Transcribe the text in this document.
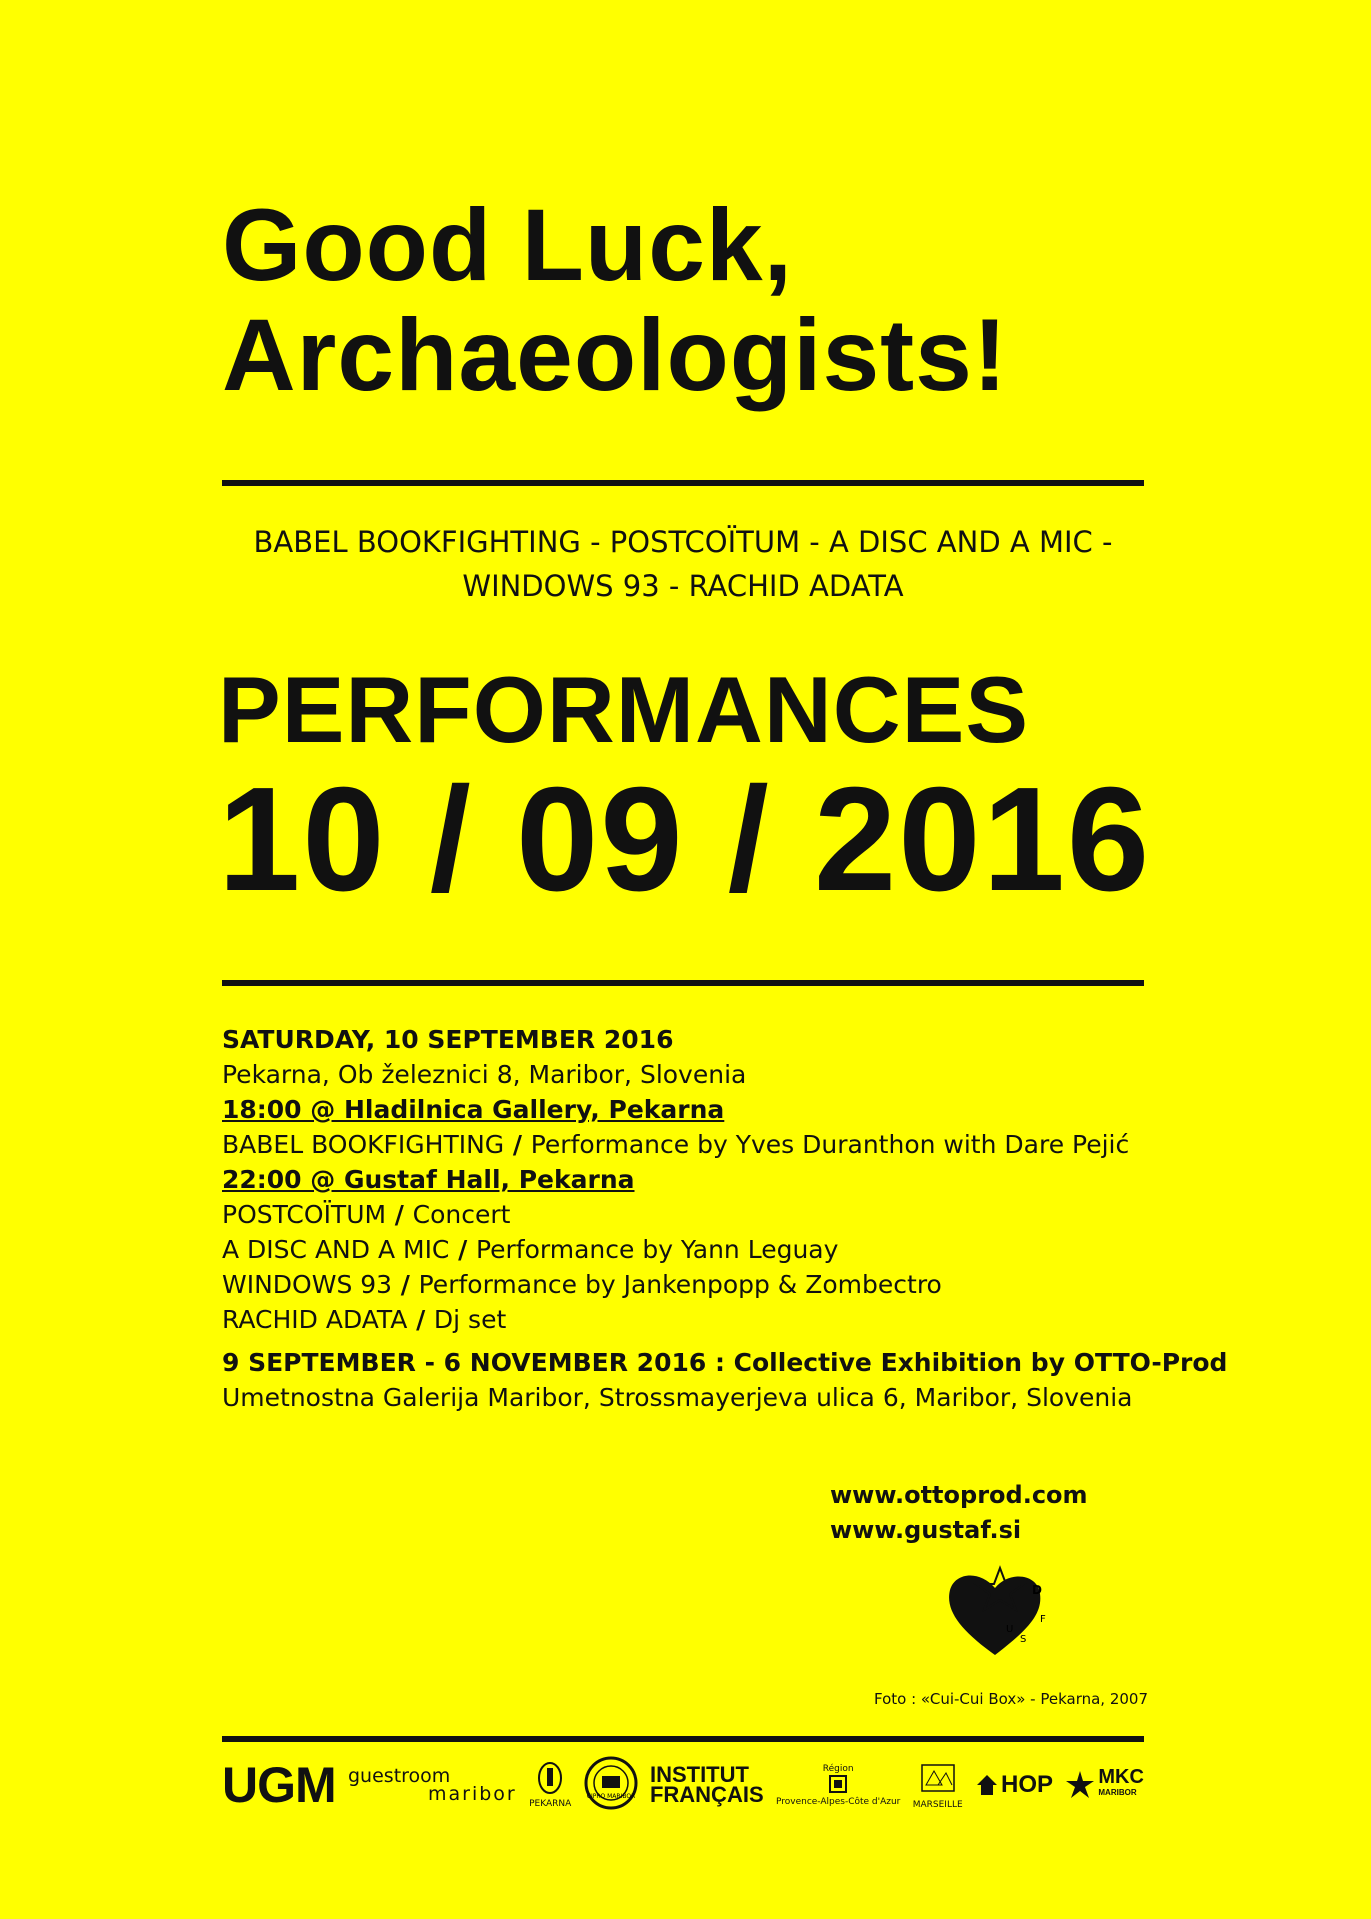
Good Luck,
Archaeologists!
BABEL BOOKFIGHTING - POSTCOÏTUM - A DISC AND A MIC -
WINDOWS 93 - RACHID ADATA
PERFORMANCES
10 / 09 / 2016
SATURDAY, 10 SEPTEMBER 2016
Pekarna, Ob železnici 8, Maribor, Slovenia
18:00 @ Hladilnica Gallery, Pekarna
BABEL BOOKFIGHTING / Performance by Yves Duranthon with Dare Pejić
22:00 @ Gustaf Hall, Pekarna
POSTCOÏTUM / Concert
A DISC AND A MIC / Performance by Yann Leguay
WINDOWS 93 / Performance by Jankenpopp & Zombectro
RACHID ADATA / Dj set
9 SEPTEMBER - 6 NOVEMBER 2016 : Collective Exhibition by OTTO-Prod
Umetnostna Galerija Maribor, Strossmayerjeva ulica 6, Maribor, Slovenia
www.ottoprod.com
www.gustaf.si
D
F
S
U
Foto : «Cui-Cui Box» - Pekarna, 2007
UGM guestroom
maribor PEKARNA
CIPRO MARIBOR
INSTITUT
FRANÇAIS
Région
Provence-Alpes-Côte d'Azur MARSEILLE
HOP MKC
MARIBOR
